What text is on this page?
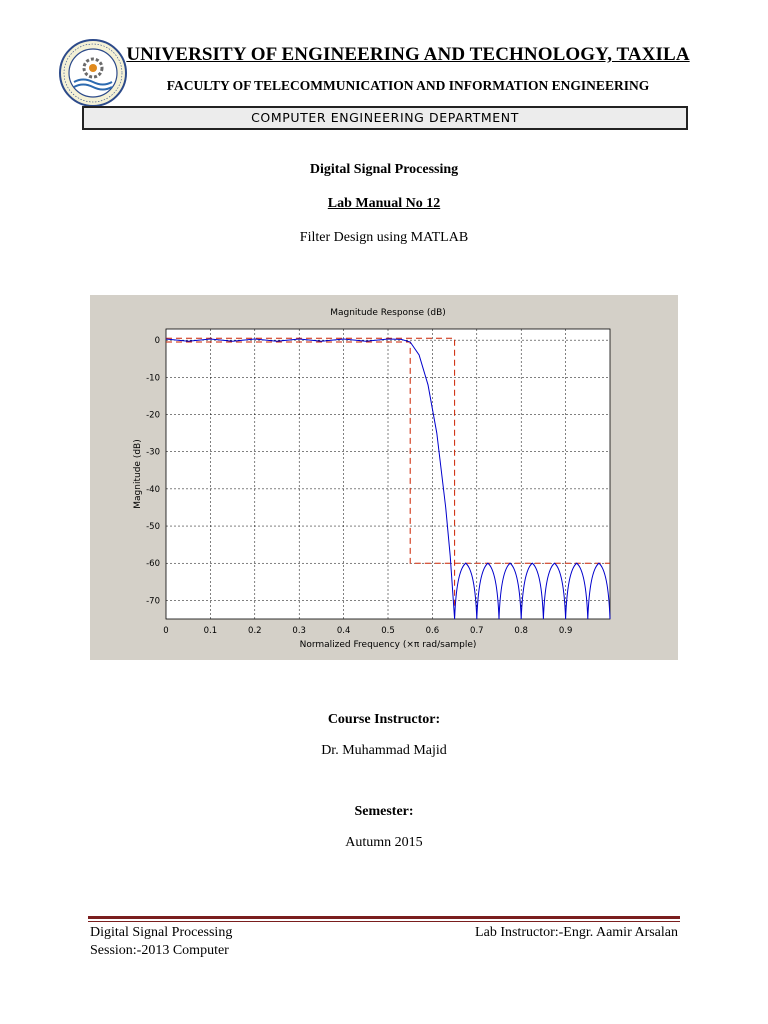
UNIVERSITY OF ENGINEERING AND TECHNOLOGY, TAXILA
FACULTY OF TELECOMMUNICATION AND INFORMATION ENGINEERING
COMPUTER ENGINEERING DEPARTMENT
Digital Signal Processing
Lab Manual No 12
Filter Design using MATLAB
Magnitude Response (dB)
0	0.1	0.2	0.3	0.4	0.5	0.6	0.7	0.8	0.9
0
-10
-20
-30
-40
-50
-60
-70
Normalized Frequency (×π rad/sample)
Magnitude (dB)
Course Instructor:
Dr. Muhammad Majid
Semester:
Autumn 2015
Digital Signal Processing
Session:-2013 Computer
Lab Instructor:-Engr. Aamir Arsalan
